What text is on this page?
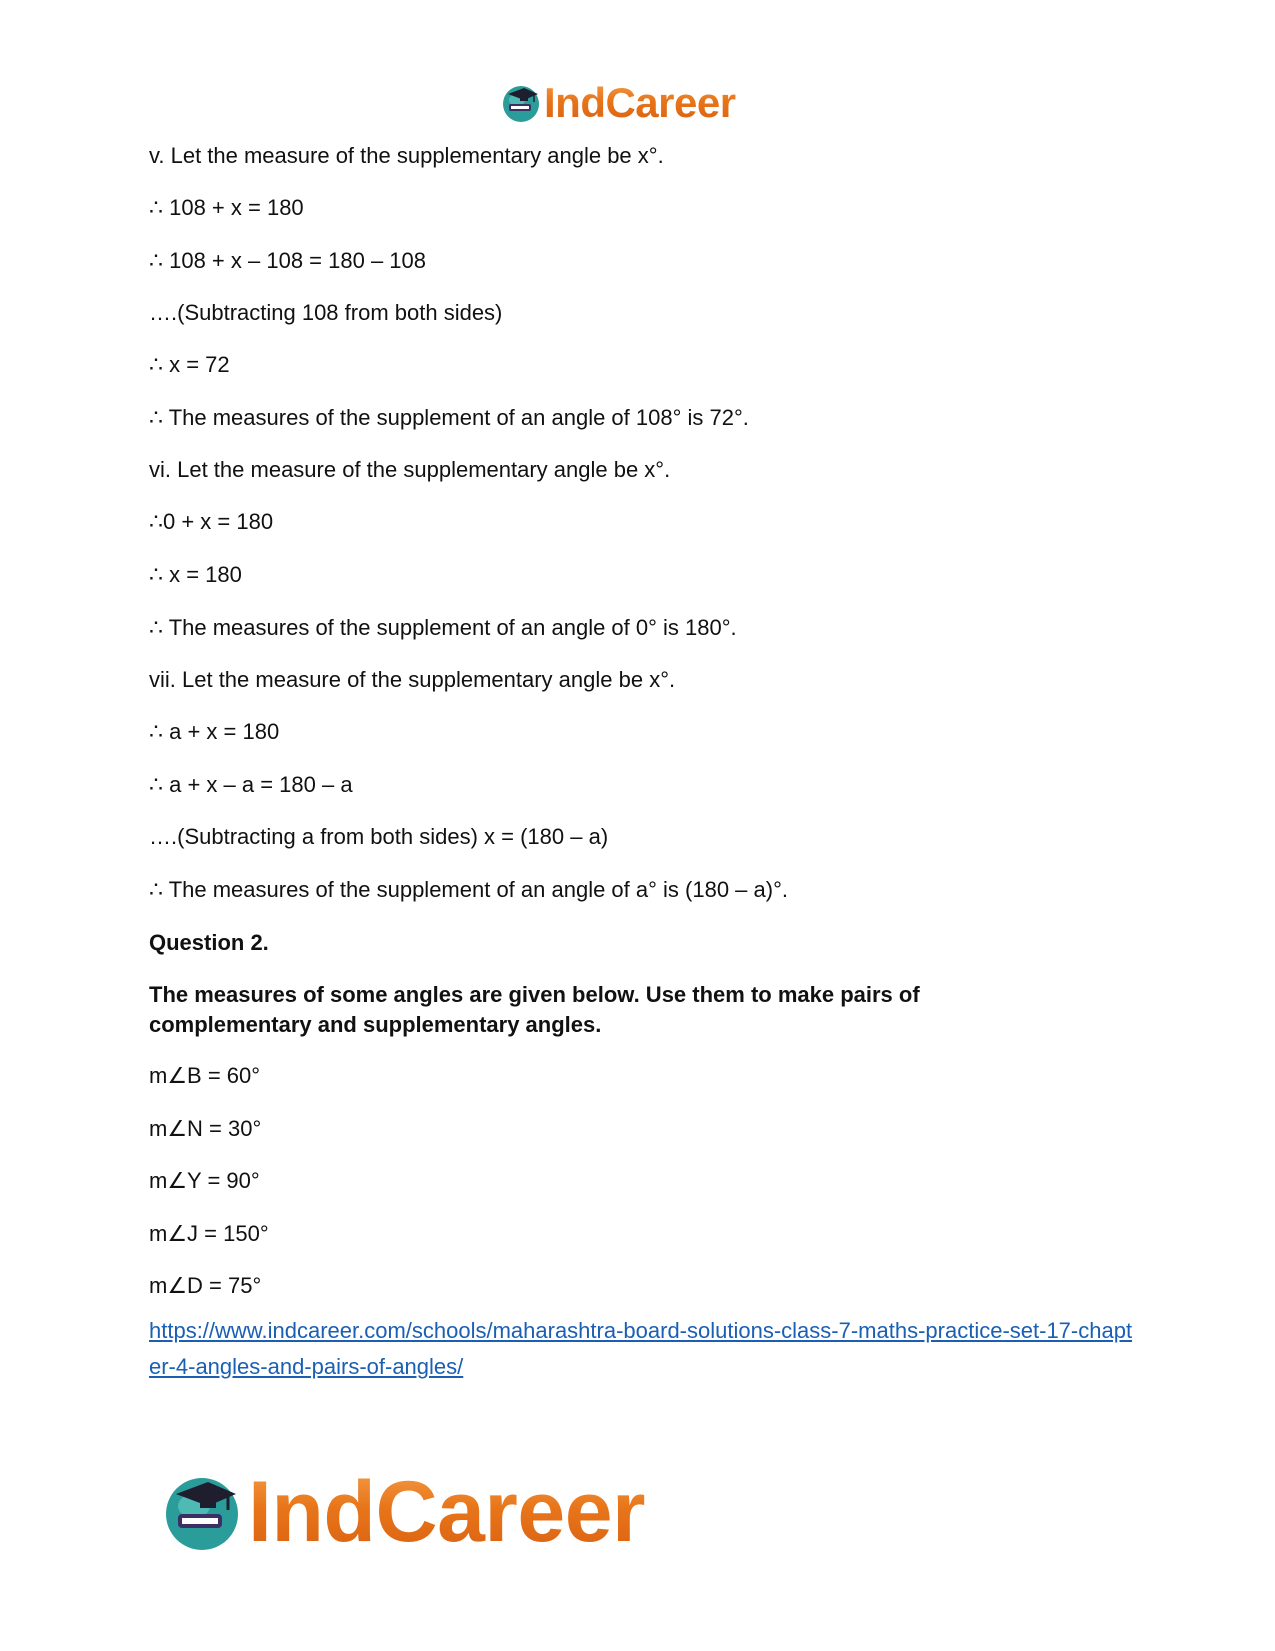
IndCareer
v. Let the measure of the supplementary angle be x°.
∴ 108 + x = 180
∴ 108 + x – 108 = 180 – 108
….(Subtracting 108 from both sides)
∴ x = 72
∴ The measures of the supplement of an angle of 108° is 72°.
vi. Let the measure of the supplementary angle be x°.
∴0 + x = 180
∴ x = 180
∴ The measures of the supplement of an angle of 0° is 180°.
vii. Let the measure of the supplementary angle be x°.
∴ a + x = 180
∴ a + x – a = 180 – a
….(Subtracting a from both sides) x = (180 – a)
∴ The measures of the supplement of an angle of a° is (180 – a)°.
Question 2.
The measures of some angles are given below. Use them to make pairs of complementary and supplementary angles.
m∠B = 60°
m∠N = 30°
m∠Y = 90°
m∠J = 150°
m∠D = 75°
https://www.indcareer.com/schools/maharashtra-board-solutions-class-7-maths-practice-set-17-chapter-4-angles-and-pairs-of-angles/
IndCareer
